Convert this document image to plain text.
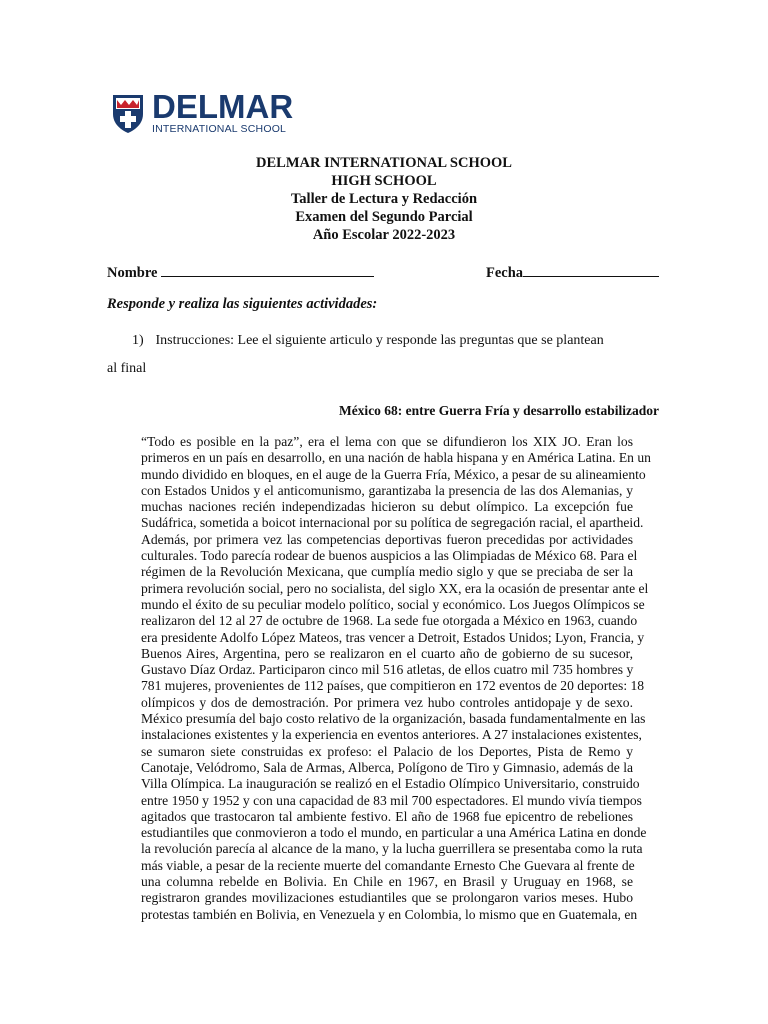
DELMAR
INTERNATIONAL SCHOOL
DELMAR INTERNATIONAL SCHOOL
HIGH SCHOOL
Taller de Lectura y Redacción
Examen del Segundo Parcial
Año Escolar 2022-2023
Nombre	Fecha
Responde y realiza las siguientes actividades:
1) Instrucciones: Lee el siguiente articulo y responde las preguntas que se plantean
al final
México 68: entre Guerra Fría y desarrollo estabilizador
“Todo es posible en la paz”, era el lema con que se difundieron los XIX JO. Eran los
primeros en un país en desarrollo, en una nación de habla hispana y en América Latina. En un
mundo dividido en bloques, en el auge de la Guerra Fría, México, a pesar de su alineamiento
con Estados Unidos y el anticomunismo, garantizaba la presencia de las dos Alemanias, y
muchas naciones recién independizadas hicieron su debut olímpico. La excepción fue
Sudáfrica, sometida a boicot internacional por su política de segregación racial, el apartheid.
Además, por primera vez las competencias deportivas fueron precedidas por actividades
culturales. Todo parecía rodear de buenos auspicios a las Olimpiadas de México 68. Para el
régimen de la Revolución Mexicana, que cumplía medio siglo y que se preciaba de ser la
primera revolución social, pero no socialista, del siglo XX, era la ocasión de presentar ante el
mundo el éxito de su peculiar modelo político, social y económico. Los Juegos Olímpicos se
realizaron del 12 al 27 de octubre de 1968. La sede fue otorgada a México en 1963, cuando
era presidente Adolfo López Mateos, tras vencer a Detroit, Estados Unidos; Lyon, Francia, y
Buenos Aires, Argentina, pero se realizaron en el cuarto año de gobierno de su sucesor,
Gustavo Díaz Ordaz. Participaron cinco mil 516 atletas, de ellos cuatro mil 735 hombres y
781 mujeres, provenientes de 112 países, que compitieron en 172 eventos de 20 deportes: 18
olímpicos y dos de demostración. Por primera vez hubo controles antidopaje y de sexo.
México presumía del bajo costo relativo de la organización, basada fundamentalmente en las
instalaciones existentes y la experiencia en eventos anteriores. A 27 instalaciones existentes,
se sumaron siete construidas ex profeso: el Palacio de los Deportes, Pista de Remo y
Canotaje, Velódromo, Sala de Armas, Alberca, Polígono de Tiro y Gimnasio, además de la
Villa Olímpica. La inauguración se realizó en el Estadio Olímpico Universitario, construido
entre 1950 y 1952 y con una capacidad de 83 mil 700 espectadores. El mundo vivía tiempos
agitados que trastocaron tal ambiente festivo. El año de 1968 fue epicentro de rebeliones
estudiantiles que conmovieron a todo el mundo, en particular a una América Latina en donde
la revolución parecía al alcance de la mano, y la lucha guerrillera se presentaba como la ruta
más viable, a pesar de la reciente muerte del comandante Ernesto Che Guevara al frente de
una columna rebelde en Bolivia. En Chile en 1967, en Brasil y Uruguay en 1968, se
registraron grandes movilizaciones estudiantiles que se prolongaron varios meses. Hubo
protestas también en Bolivia, en Venezuela y en Colombia, lo mismo que en Guatemala, en
